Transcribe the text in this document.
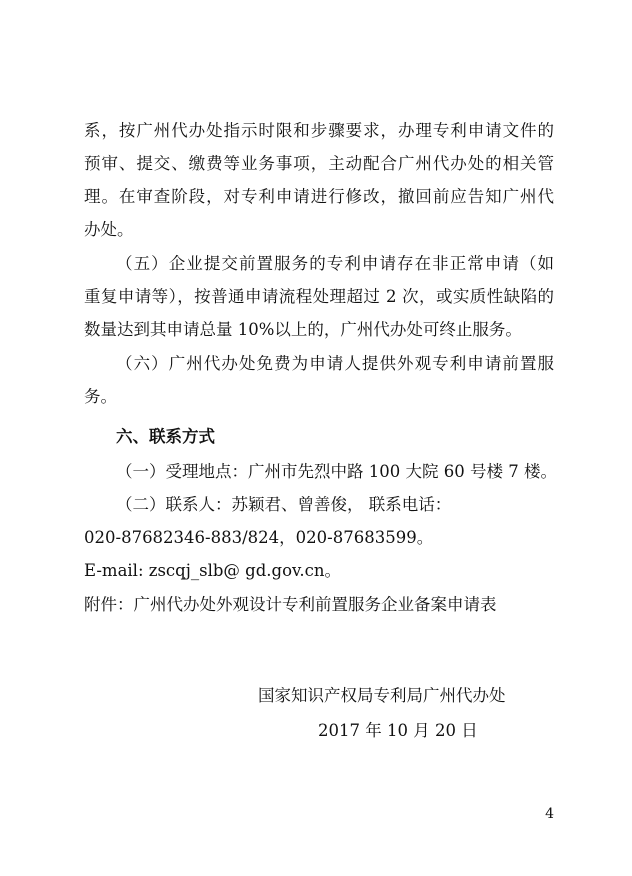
系，按广州代办处指示时限和步骤要求，办理专利申请文件的
预审、提交、缴费等业务事项，主动配合广州代办处的相关管
理。在审查阶段，对专利申请进行修改，撤回前应告知广州代
办处。
（五）企业提交前置服务的专利申请存在非正常申请（如
重复申请等），按普通申请流程处理超过 2 次，或实质性缺陷的
数量达到其申请总量 10%以上的，广州代办处可终止服务。
（六）广州代办处免费为申请人提供外观专利申请前置服
务。
六、联系方式
（一）受理地点：广州市先烈中路 100 大院 60 号楼 7 楼。
（二）联系人：苏颖君、曾善俊， 联系电话：
020-87682346-883/824，020-87683599。
E-mail: zscqj_slb@ gd.gov.cn。
附件：广州代办处外观设计专利前置服务企业备案申请表
国家知识产权局专利局广州代办处
2017 年 10 月 20 日
4
